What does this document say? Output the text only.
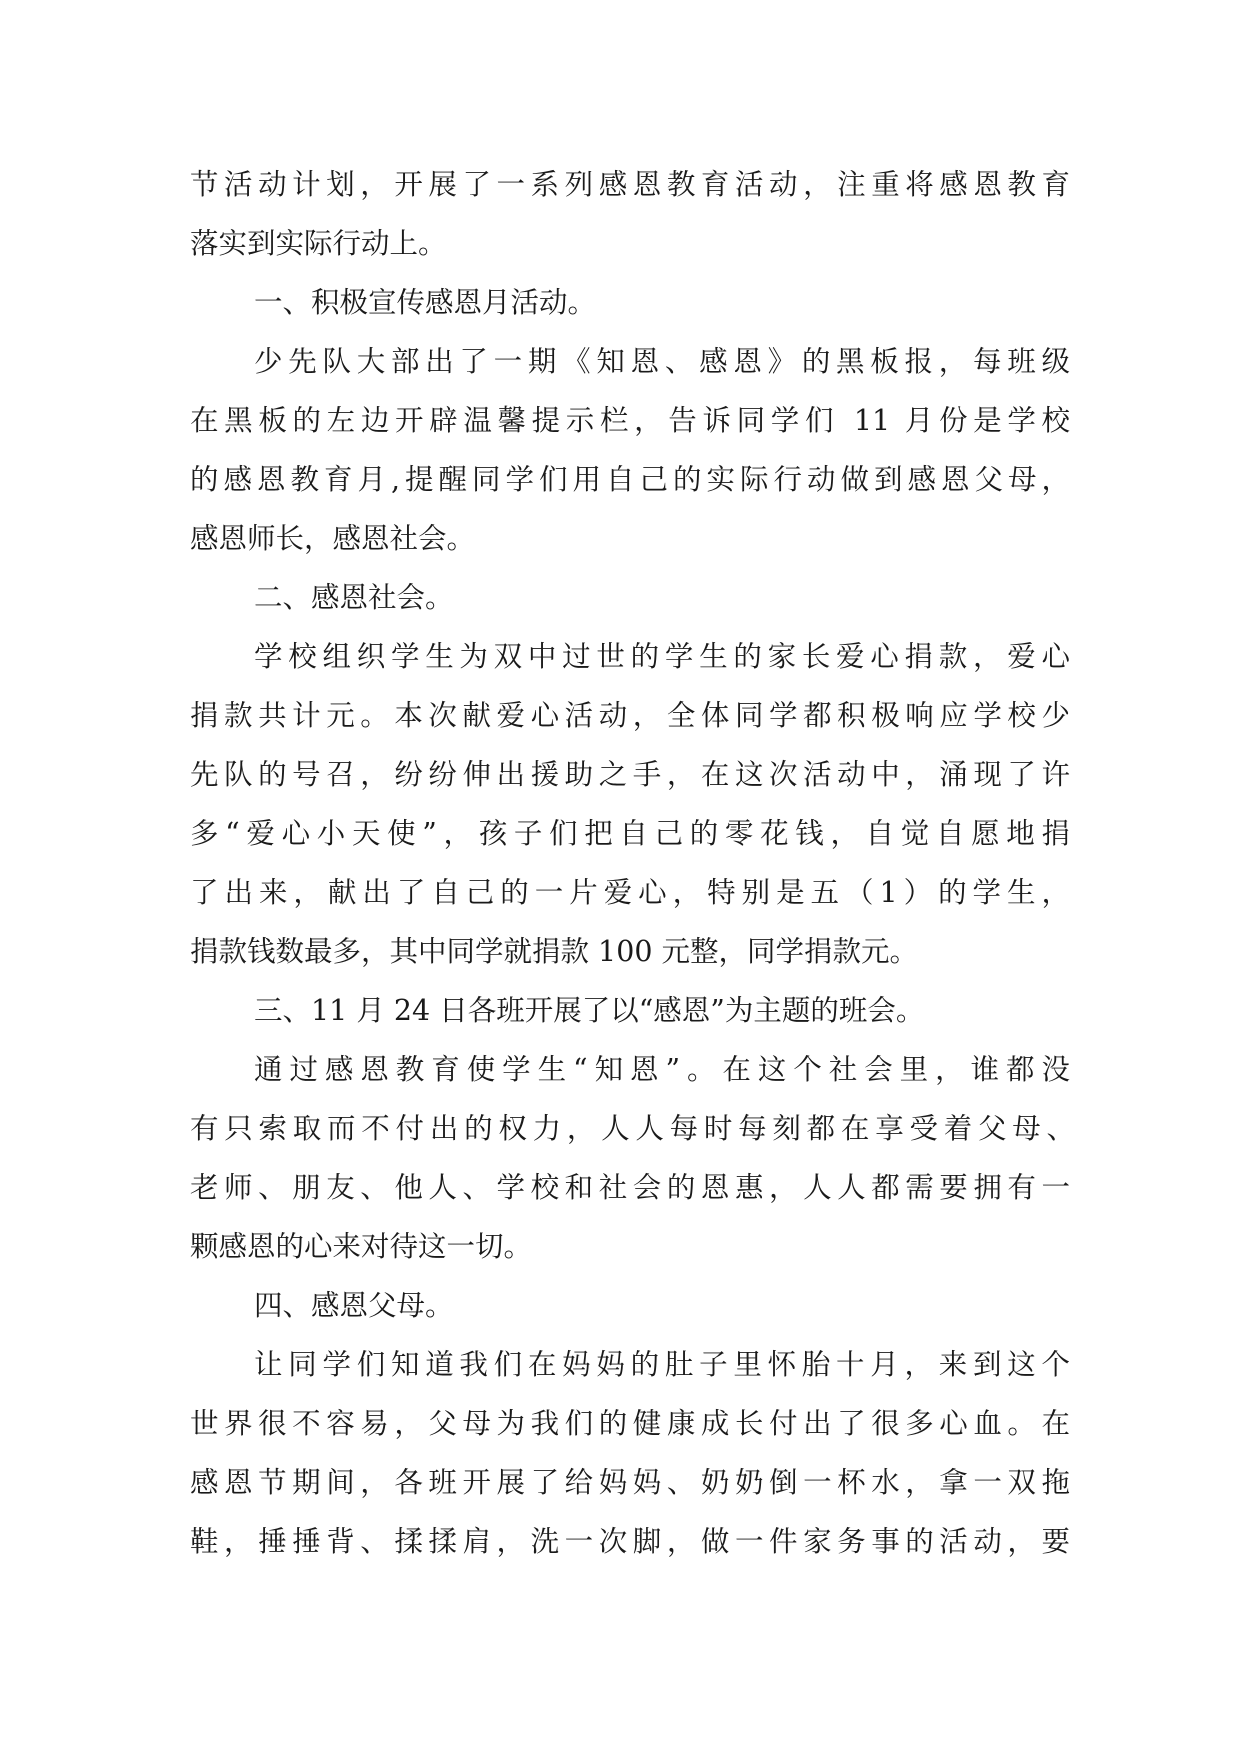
节活动计划，开展了一系列感恩教育活动，注重将感恩教育
落实到实际行动上。
一、积极宣传感恩月活动。
少先队大部出了一期《知恩、感恩》的黑板报，每班级
在黑板的左边开辟温馨提示栏，告诉同学们 11 月份是学校
的感恩教育月,提醒同学们用自己的实际行动做到感恩父母，
感恩师长，感恩社会。
二、感恩社会。
学校组织学生为双中过世的学生的家长爱心捐款，爱心
捐款共计元。本次献爱心活动，全体同学都积极响应学校少
先队的号召，纷纷伸出援助之手，在这次活动中，涌现了许
多“爱心小天使”，孩子们把自己的零花钱，自觉自愿地捐
了出来，献出了自己的一片爱心，特别是五（1）的学生，
捐款钱数最多，其中同学就捐款 100 元整，同学捐款元。
三、11 月 24 日各班开展了以“感恩”为主题的班会。
通过感恩教育使学生“知恩”。在这个社会里，谁都没
有只索取而不付出的权力，人人每时每刻都在享受着父母、
老师、朋友、他人、学校和社会的恩惠，人人都需要拥有一
颗感恩的心来对待这一切。
四、感恩父母。
让同学们知道我们在妈妈的肚子里怀胎十月，来到这个
世界很不容易，父母为我们的健康成长付出了很多心血。在
感恩节期间，各班开展了给妈妈、奶奶倒一杯水，拿一双拖
鞋，捶捶背、揉揉肩，洗一次脚，做一件家务事的活动，要
